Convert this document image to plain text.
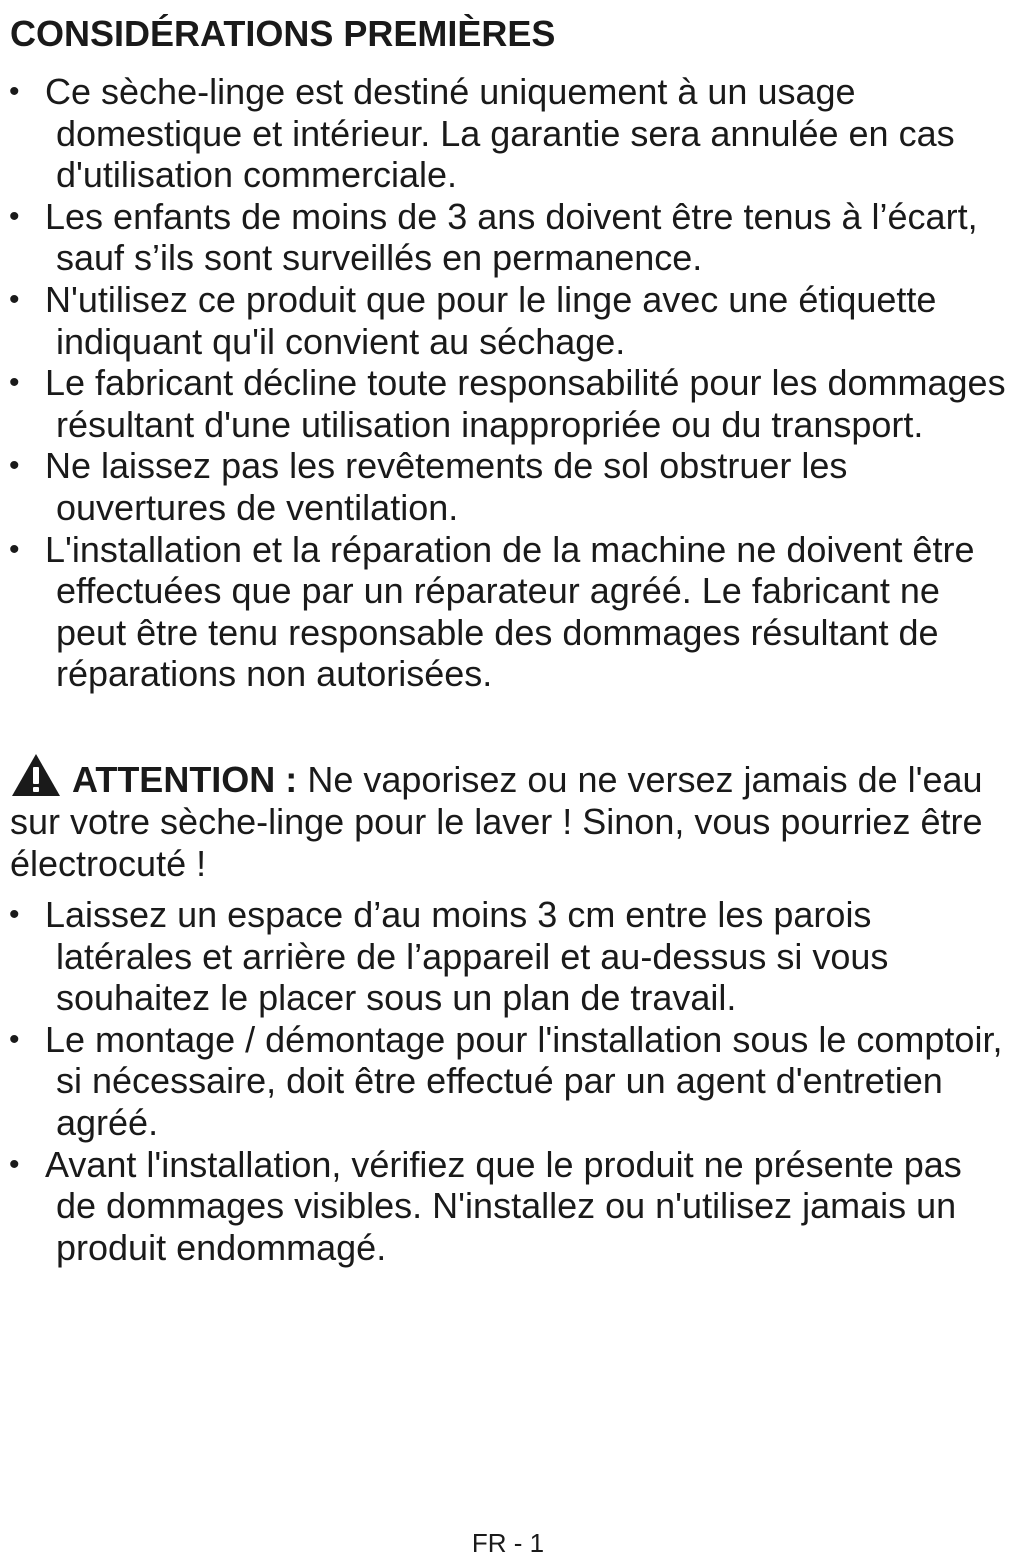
CONSIDÉRATIONS PREMIÈRES
• Ce sèche-linge est destiné uniquement à un usage domestique et intérieur. La garantie sera annulée en cas d'utilisation commerciale.
• Les enfants de moins de 3 ans doivent être tenus à l’écart, sauf s’ils sont surveillés en permanence.
• N'utilisez ce produit que pour le linge avec une étiquette indiquant qu'il convient au séchage.
• Le fabricant décline toute responsabilité pour les dommages résultant d'une utilisation inappropriée ou du transport.
• Ne laissez pas les revêtements de sol obstruer les ouvertures de ventilation.
• L'installation et la réparation de la machine ne doivent être effectuées que par un réparateur agréé. Le fabricant ne peut être tenu responsable des dommages résultant de réparations non autorisées.
ATTENTION : Ne vaporisez ou ne versez jamais de l'eau sur votre sèche-linge pour le laver ! Sinon, vous pourriez être électrocuté !
• Laissez un espace d’au moins 3 cm entre les parois latérales et arrière de l’appareil et au-dessus si vous souhaitez le placer sous un plan de travail.
• Le montage / démontage pour l'installation sous le comptoir, si nécessaire, doit être effectué par un agent d'entretien agréé.
• Avant l'installation, vérifiez que le produit ne présente pas de dommages visibles. N'installez ou n'utilisez jamais un produit endommagé.
FR - 1
